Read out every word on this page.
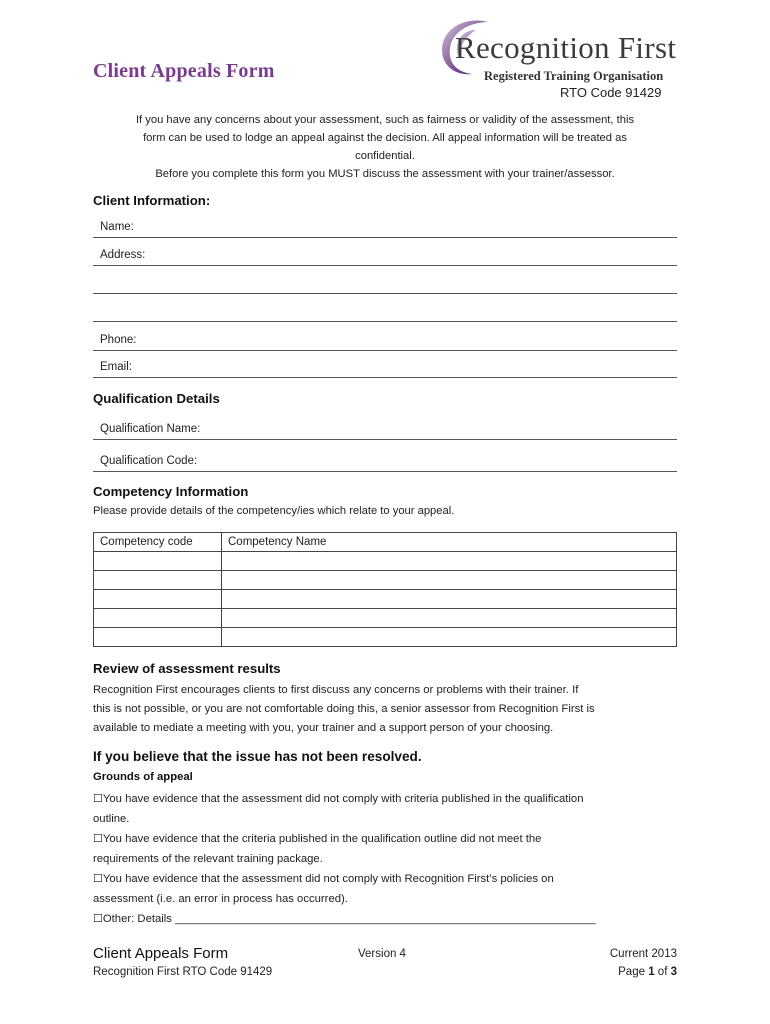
Client Appeals Form
Recognition First
Registered Training Organisation
RTO Code 91429
If you have any concerns about your assessment, such as fairness or validity of the assessment, this
form can be used to lodge an appeal against the decision. All appeal information will be treated as
confidential.
Before you complete this form you MUST discuss the assessment with your trainer/assessor.
Client Information:
Name:
Address:
Phone:
Email:
Qualification Details
Qualification Name:
Qualification Code:
Competency Information
Please provide details of the competency/ies which relate to your appeal.
Competency code	Competency Name

Review of assessment results
Recognition First encourages clients to first discuss any concerns or problems with their trainer. If
this is not possible, or you are not comfortable doing this, a senior assessor from Recognition First is
available to mediate a meeting with you, your trainer and a support person of your choosing.
If you believe that the issue has not been resolved.
Grounds of appeal
☐You have evidence that the assessment did not comply with criteria published in the qualification
outline.
☐You have evidence that the criteria published in the qualification outline did not meet the
requirements of the relevant training package.
☐You have evidence that the assessment did not comply with Recognition First’s policies on
assessment (i.e. an error in process has occurred).
☐Other: Details ___________________________________________________________________
Client Appeals Form
Recognition First RTO Code 91429
Version 4	Current 2013
Page 1 of 3
